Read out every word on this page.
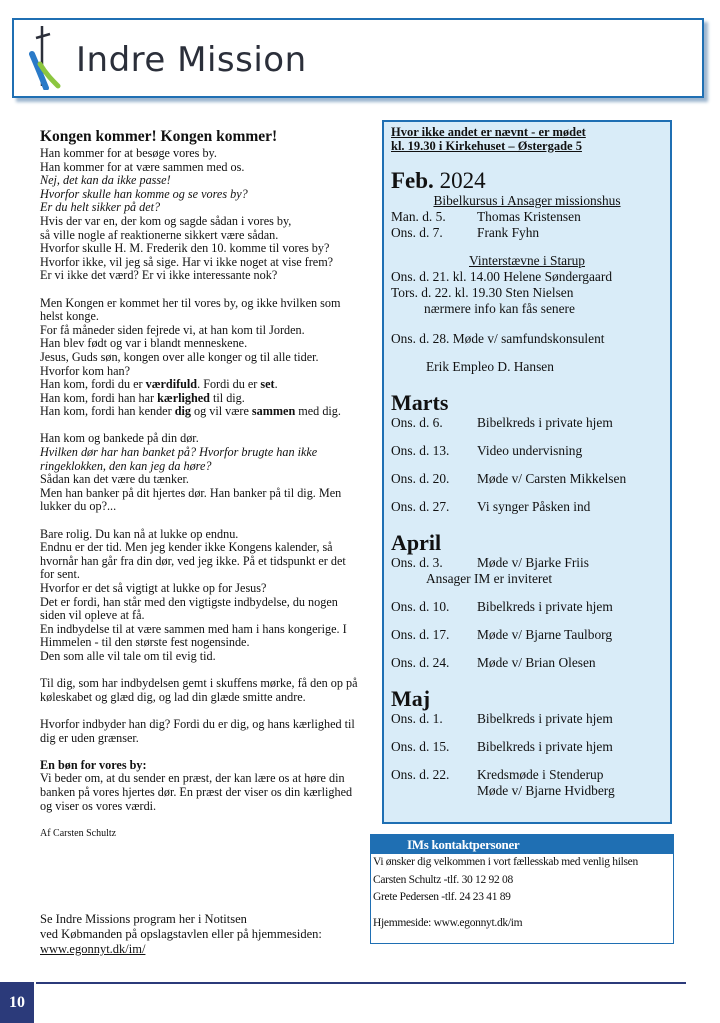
Indre Mission
Kongen kommer! Kongen kommer!

Han kommer for at besøge vores by.
Han kommer for at være sammen med os.
Nej, det kan da ikke passe!
Hvorfor skulle han komme og se vores by?
Er du helt sikker på det?
Hvis der var en, der kom og sagde sådan i vores by,
så ville nogle af reaktionerne sikkert være sådan.
Hvorfor skulle H. M. Frederik den 10. komme til vores by?
Hvorfor ikke, vil jeg så sige. Har vi ikke noget at vise frem?
Er vi ikke det værd? Er vi ikke interessante nok?

Men Kongen er kommet her til vores by, og ikke hvilken som helst konge.
For få måneder siden fejrede vi, at han kom til Jorden.
Han blev født og var i blandt menneskene.
Jesus, Guds søn, kongen over alle konger og til alle tider.
Hvorfor kom han?
Han kom, fordi du er værdifuld. Fordi du er set.
Han kom, fordi han har kærlighed til dig.
Han kom, fordi han kender dig og vil være sammen med dig.

Han kom og bankede på din dør.
Hvilken dør har han banket på? Hvorfor brugte han ikke ringeklokken, den kan jeg da høre?
Sådan kan det være du tænker.
Men han banker på dit hjertes dør. Han banker på til dig. Men lukker du op?...

Bare rolig. Du kan nå at lukke op endnu.
Endnu er der tid. Men jeg kender ikke Kongens kalender, så hvornår han går fra din dør, ved jeg ikke. På et tidspunkt er det for sent.
Hvorfor er det så vigtigt at lukke op for Jesus?
Det er fordi, han står med den vigtigste indbydelse, du nogen siden vil opleve at få.
En indbydelse til at være sammen med ham i hans kongerige. I Himmelen - til den største fest nogensinde.
Den som alle vil tale om til evig tid.

Til dig, som har indbydelsen gemt i skuffens mørke, få den op på køleskabet og glæd dig, og lad din glæde smitte andre.

Hvorfor indbyder han dig? Fordi du er dig, og hans kærlighed til dig er uden grænser.

En bøn for vores by:
Vi beder om, at du sender en præst, der kan lære os at høre din banken på vores hjertes dør. En præst der viser os din kærlighed og viser os vores værdi.

Af Carsten Schultz
Se Indre Missions program her i Notitsen
ved Købmanden på opslagstavlen eller på hjemmesiden:
www.egonnyt.dk/im/
Hvor ikke andet er nævnt - er mødet
kl. 19.30 i Kirkehuset – Østergade 5
Feb. 2024
Bibelkursus i Ansager missionshus
Man. d. 5.	Thomas Kristensen
Ons. d. 7.	Frank Fyhn
Vinterstævne i Starup
Ons. d. 21. kl. 14.00 Helene Søndergaard
Tors. d. 22. kl. 19.30 Sten Nielsen
nærmere info kan fås senere
Ons. d. 28. Møde v/ samfundskonsulent
Erik Empleo D. Hansen
Marts
Ons. d. 6.	Bibelkreds i private hjem
Ons. d. 13.	Video undervisning
Ons. d. 20.	Møde v/ Carsten Mikkelsen
Ons. d. 27.	Vi synger Påsken ind
April
Ons. d. 3.	Møde v/ Bjarke Friis
Ansager IM er inviteret
Ons. d. 10.	Bibelkreds i private hjem
Ons. d. 17.	Møde v/ Bjarne Taulborg
Ons. d. 24.	Møde v/ Brian Olesen
Maj
Ons. d. 1.	Bibelkreds i private hjem
Ons. d. 15.	Bibelkreds i private hjem
Ons. d. 22.	Kredsmøde i Stenderup
Møde v/ Bjarne Hvidberg
IMs kontaktpersoner
Vi ønsker dig velkommen i vort fællesskab med venlig hilsen
Carsten Schultz -tlf. 30 12 92 08
Grete Pedersen -tlf. 24 23 41 89
Hjemmeside: www.egonnyt.dk/im
10
